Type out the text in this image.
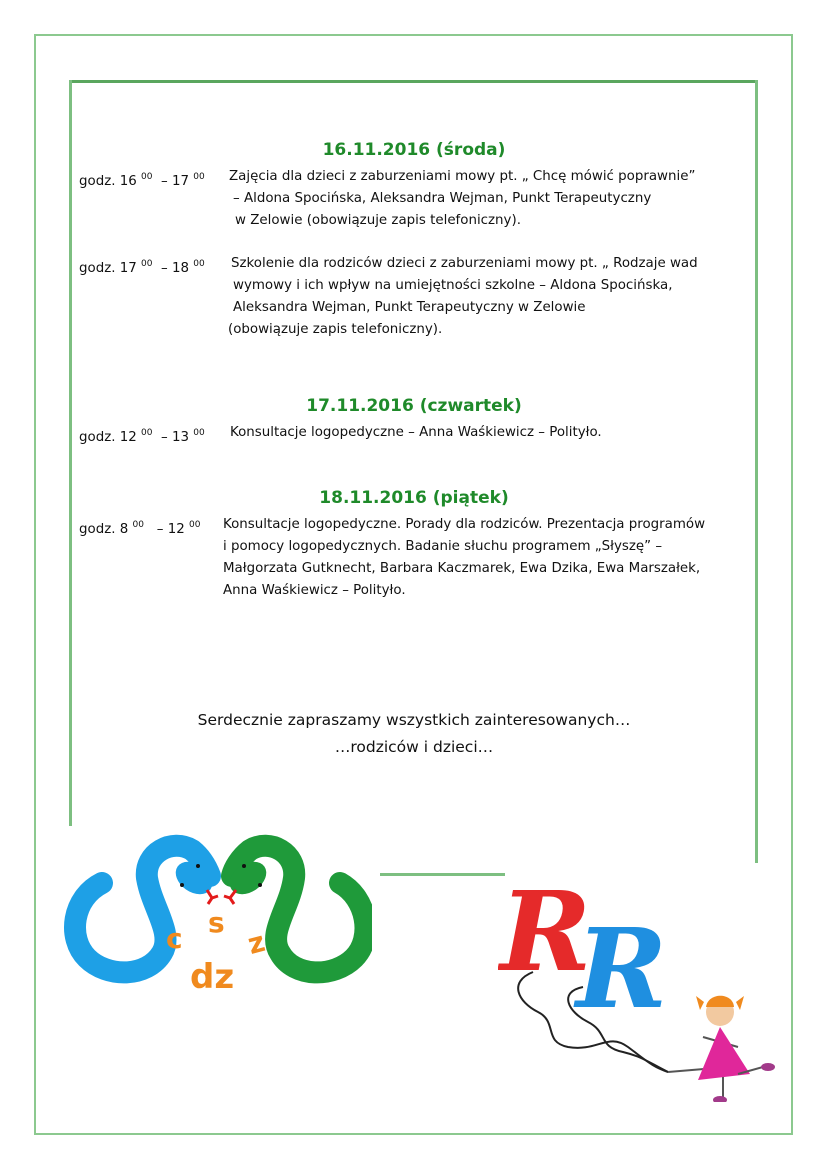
16.11.2016 (środa)
godz. 16 $^{00}$  – 17 $^{00}$ Zajęcia dla dzieci z zaburzeniami mowy pt. „ Chcę mówić poprawnie”
– Aldona Spocińska, Aleksandra Wejman, Punkt Terapeutyczny
w Zelowie (obowiązuje zapis telefoniczny).
godz. 17 $^{00}$  – 18 $^{00}$ Szkolenie dla rodziców dzieci z zaburzeniami mowy pt. „ Rodzaje wad
wymowy i ich wpływ na umiejętności szkolne – Aldona Spocińska,
Aleksandra Wejman, Punkt Terapeutyczny w Zelowie
(obowiązuje zapis telefoniczny).
17.11.2016 (czwartek)
godz. 12 $^{00}$  – 13 $^{00}$ Konsultacje logopedyczne – Anna Waśkiewicz – Polityło.
18.11.2016 (piątek)
godz. 8 $^{00}$   – 12 $^{00}$ Konsultacje logopedyczne. Porady dla rodziców. Prezentacja programów
i pomocy logopedycznych. Badanie słuchu programem „Słyszę” –
Małgorzata Gutknecht, Barbara Kaczmarek, Ewa Dzika, Ewa Marszałek,
Anna Waśkiewicz – Polityło.
Serdecznie zapraszamy wszystkich zainteresowanych…
…rodziców i dzieci…
c s
z
dz R
R
